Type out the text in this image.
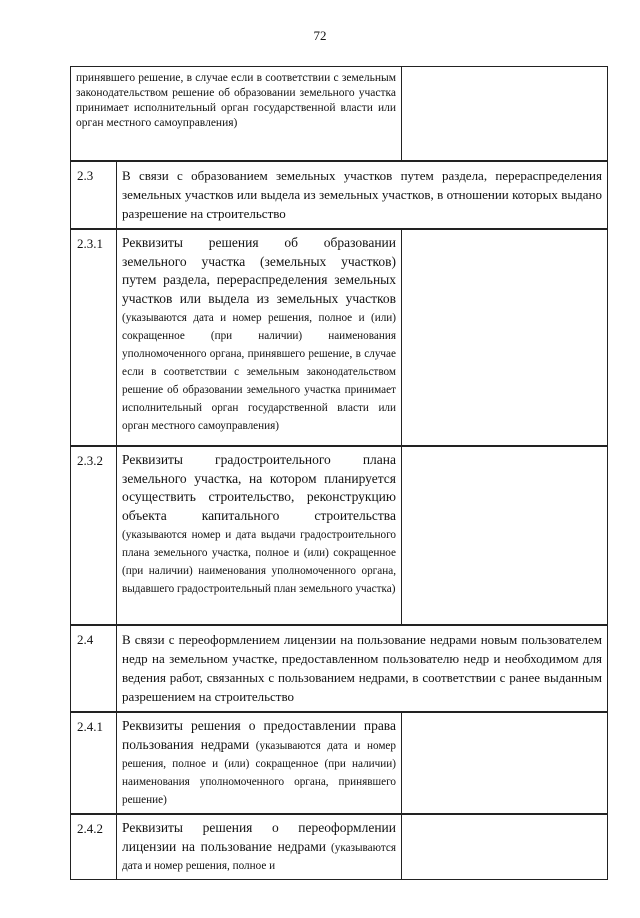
72
принявшего решение, в случае если в соответствии с земельным законодательством решение об образовании земельного участка принимает исполнительный орган государственной власти или орган местного самоуправления)		
2.3	В связи с образованием земельных участков путем раздела, перераспределения земельных участков или выдела из земельных участков, в отношении которых выдано разрешение на строительство	
2.3.1	Реквизиты решения об образовании земельного участка (земельных участков) путем раздела, перераспределения земельных участков или выдела из земельных участков (указываются дата и номер решения, полное и (или) сокращенное (при наличии) наименования уполномоченного органа, принявшего решение, в случае если в соответствии с земельным законодательством решение об образовании земельного участка принимает исполнительный орган государственной власти или орган местного самоуправления)	
2.3.2	Реквизиты градостроительного плана земельного участка, на котором планируется осуществить строительство, реконструкцию объекта капитального строительства (указываются номер и дата выдачи градостроительного плана земельного участка, полное и (или) сокращенное (при наличии) наименования уполномоченного органа, выдавшего градостроительный план земельного участка)	
2.4	В связи с переоформлением лицензии на пользование недрами новым пользователем недр на земельном участке, предоставленном пользователю недр и необходимом для ведения работ, связанных с пользованием недрами, в соответствии с ранее выданным разрешением на строительство	
2.4.1	Реквизиты решения о предоставлении права пользования недрами (указываются дата и номер решения, полное и (или) сокращенное (при наличии) наименования уполномоченного органа, принявшего решение)	
2.4.2	Реквизиты решения о переоформлении лицензии на пользование недрами (указываются дата и номер решения, полное и	
